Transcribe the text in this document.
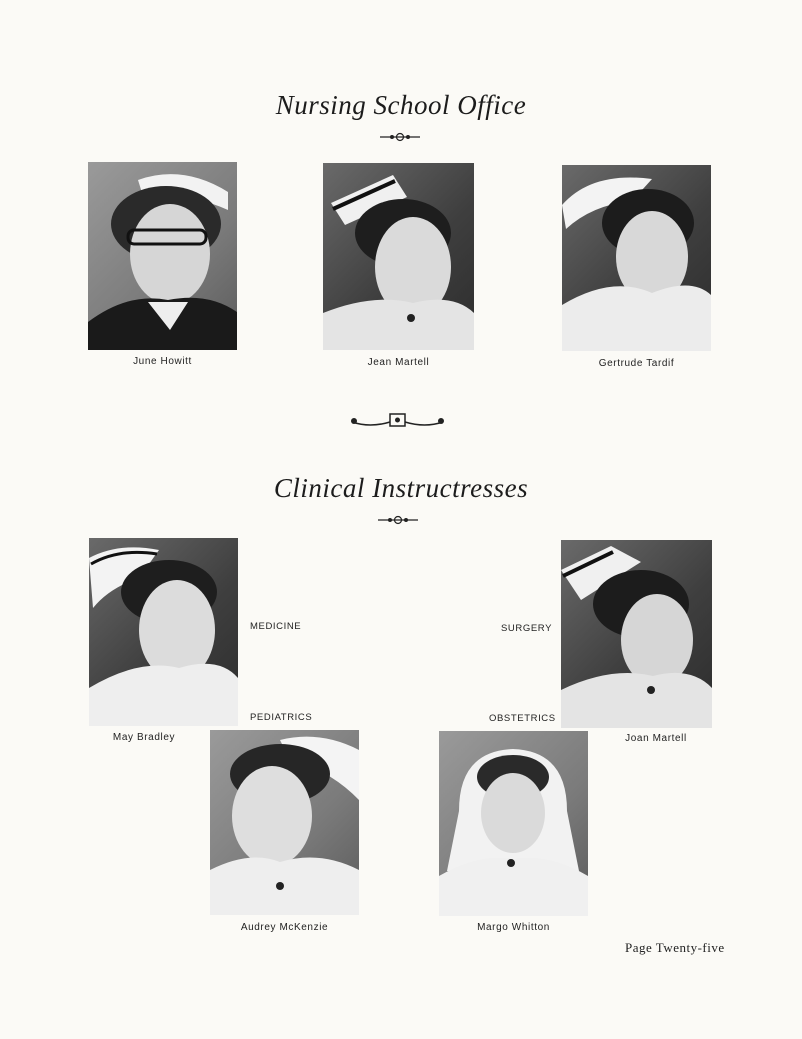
Nursing School Office
June Howitt	Jean Martell	Gertrude Tardif
Clinical Instructresses
May Bradley
MEDICINE
Joan Martell
SURGERY
Audrey McKenzie
PEDIATRICS
Margo Whitton
OBSTETRICS
Page Twenty-five
